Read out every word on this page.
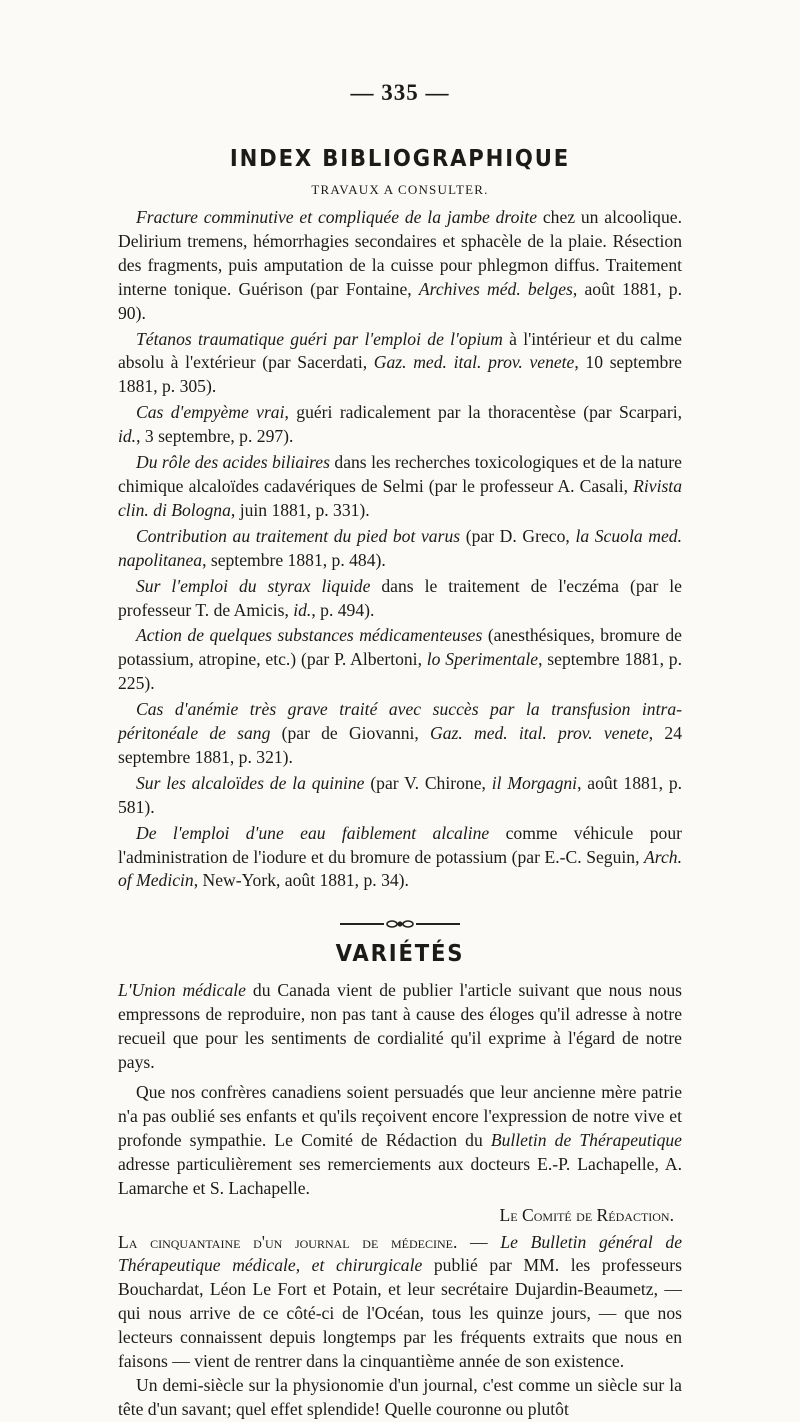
— 335 —
INDEX BIBLIOGRAPHIQUE
TRAVAUX A CONSULTER.

Fracture comminutive et compliquée de la jambe droite chez un alcoolique. Delirium tremens, hémorrhagies secondaires et sphacèle de la plaie. Résection des fragments, puis amputation de la cuisse pour phlegmon diffus. Traitement interne tonique. Guérison (par Fontaine, Archives méd. belges, août 1881, p. 90).

Tétanos traumatique guéri par l'emploi de l'opium à l'intérieur et du calme absolu à l'extérieur (par Sacerdati, Gaz. med. ital. prov. venete, 10 septembre 1881, p. 305).

Cas d'empyème vrai, guéri radicalement par la thoracentèse (par Scarpari, id., 3 septembre, p. 297).

Du rôle des acides biliaires dans les recherches toxicologiques et de la nature chimique alcaloïdes cadavériques de Selmi (par le professeur A. Casali, Rivista clin. di Bologna, juin 1881, p. 331).

Contribution au traitement du pied bot varus (par D. Greco, la Scuola med. napolitanea, septembre 1881, p. 484).

Sur l'emploi du styrax liquide dans le traitement de l'eczéma (par le professeur T. de Amicis, id., p. 494).

Action de quelques substances médicamenteuses (anesthésiques, bromure de potassium, atropine, etc.) (par P. Albertoni, lo Sperimentale, septembre 1881, p. 225).

Cas d'anémie très grave traité avec succès par la transfusion intra-péritonéale de sang (par de Giovanni, Gaz. med. ital. prov. venete, 24 septembre 1881, p. 321).

Sur les alcaloïdes de la quinine (par V. Chirone, il Morgagni, août 1881, p. 581).

De l'emploi d'une eau faiblement alcaline comme véhicule pour l'administration de l'iodure et du bromure de potassium (par E.-C. Seguin, Arch. of Medicin, New-York, août 1881, p. 34).

VARIÉTÉS

L'Union médicale du Canada vient de publier l'article suivant que nous nous empressons de reproduire, non pas tant à cause des éloges qu'il adresse à notre recueil que pour les sentiments de cordialité qu'il exprime à l'égard de notre pays.

Que nos confrères canadiens soient persuadés que leur ancienne mère patrie n'a pas oublié ses enfants et qu'ils reçoivent encore l'expression de notre vive et profonde sympathie. Le Comité de Rédaction du Bulletin de Thérapeutique adresse particulièrement ses remerciements aux docteurs E.-P. Lachapelle, A. Lamarche et S. Lachapelle.

Le Comité de Rédaction.

La cinquantaine d'un journal de médecine. — Le Bulletin général de Thérapeutique médicale, et chirurgicale publié par MM. les professeurs Bouchardat, Léon Le Fort et Potain, et leur secrétaire Dujardin-Beaumetz, — qui nous arrive de ce côté-ci de l'Océan, tous les quinze jours, — que nos lecteurs connaissent depuis longtemps par les fréquents extraits que nous en faisons — vient de rentrer dans la cinquantième année de son existence.

Un demi-siècle sur la physionomie d'un journal, c'est comme un siècle sur la tête d'un savant; quel effet splendide! Quelle couronne ou plutôt
